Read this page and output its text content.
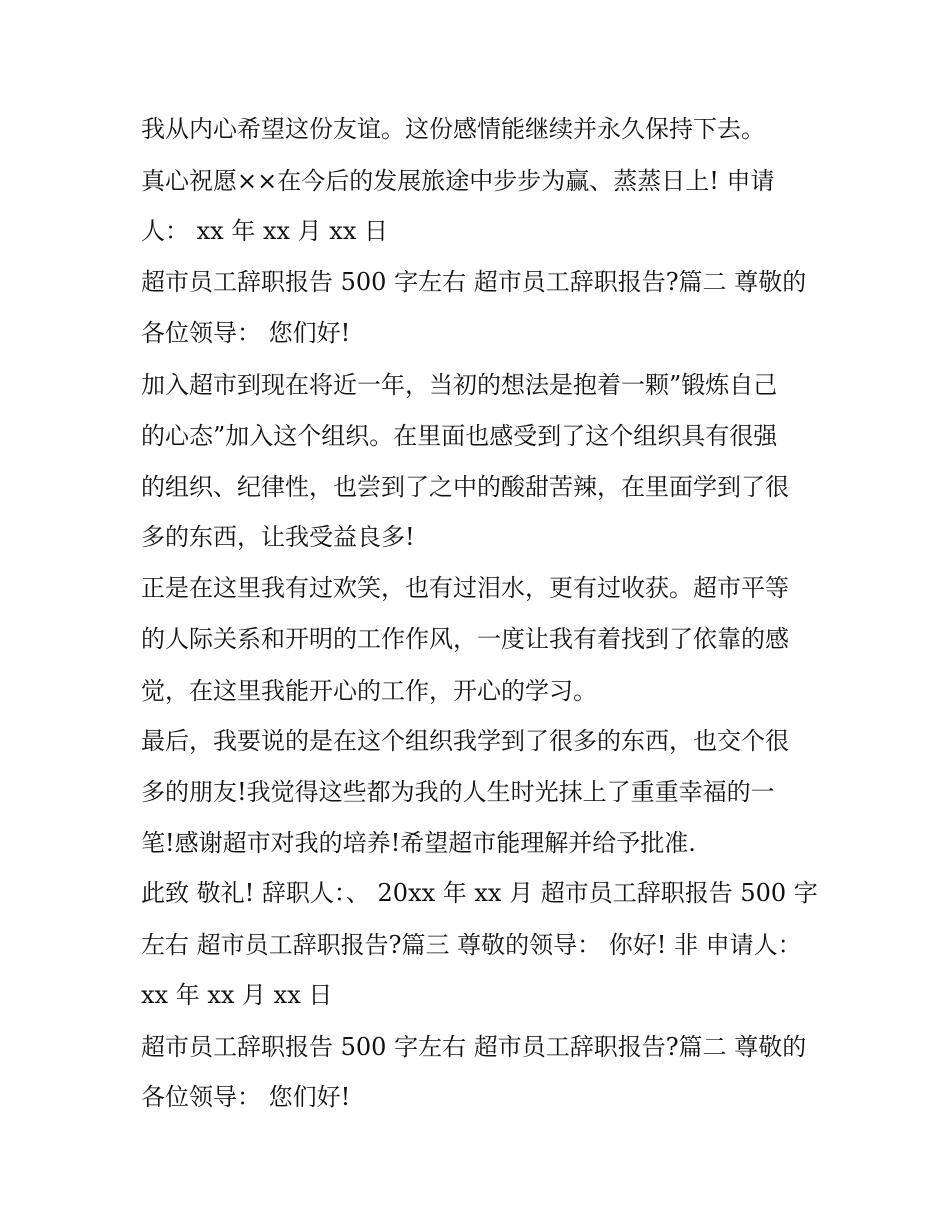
我从内心希望这份友谊。这份感情能继续并永久保持下去。
真心祝愿××在今后的发展旅途中步步为赢、蒸蒸日上! 申请
人： xx 年 xx 月 xx 日
超市员工辞职报告 500 字左右 超市员工辞职报告?篇二 尊敬的
各位领导： 您们好!
加入超市到现在将近一年，当初的想法是抱着一颗”锻炼自己
的心态”加入这个组织。在里面也感受到了这个组织具有很强
的组织、纪律性，也尝到了之中的酸甜苦辣，在里面学到了很
多的东西，让我受益良多!
正是在这里我有过欢笑，也有过泪水，更有过收获。超市平等
的人际关系和开明的工作作风，一度让我有着找到了依靠的感
觉，在这里我能开心的工作，开心的学习。
最后，我要说的是在这个组织我学到了很多的东西，也交个很
多的朋友!我觉得这些都为我的人生时光抹上了重重幸福的一
笔!感谢超市对我的培养!希望超市能理解并给予批准.
此致 敬礼! 辞职人：、 20xx 年 xx 月 超市员工辞职报告 500 字
左右 超市员工辞职报告?篇三 尊敬的领导： 你好! 非 申请人：
xx 年 xx 月 xx 日
超市员工辞职报告 500 字左右 超市员工辞职报告?篇二 尊敬的
各位领导： 您们好!
